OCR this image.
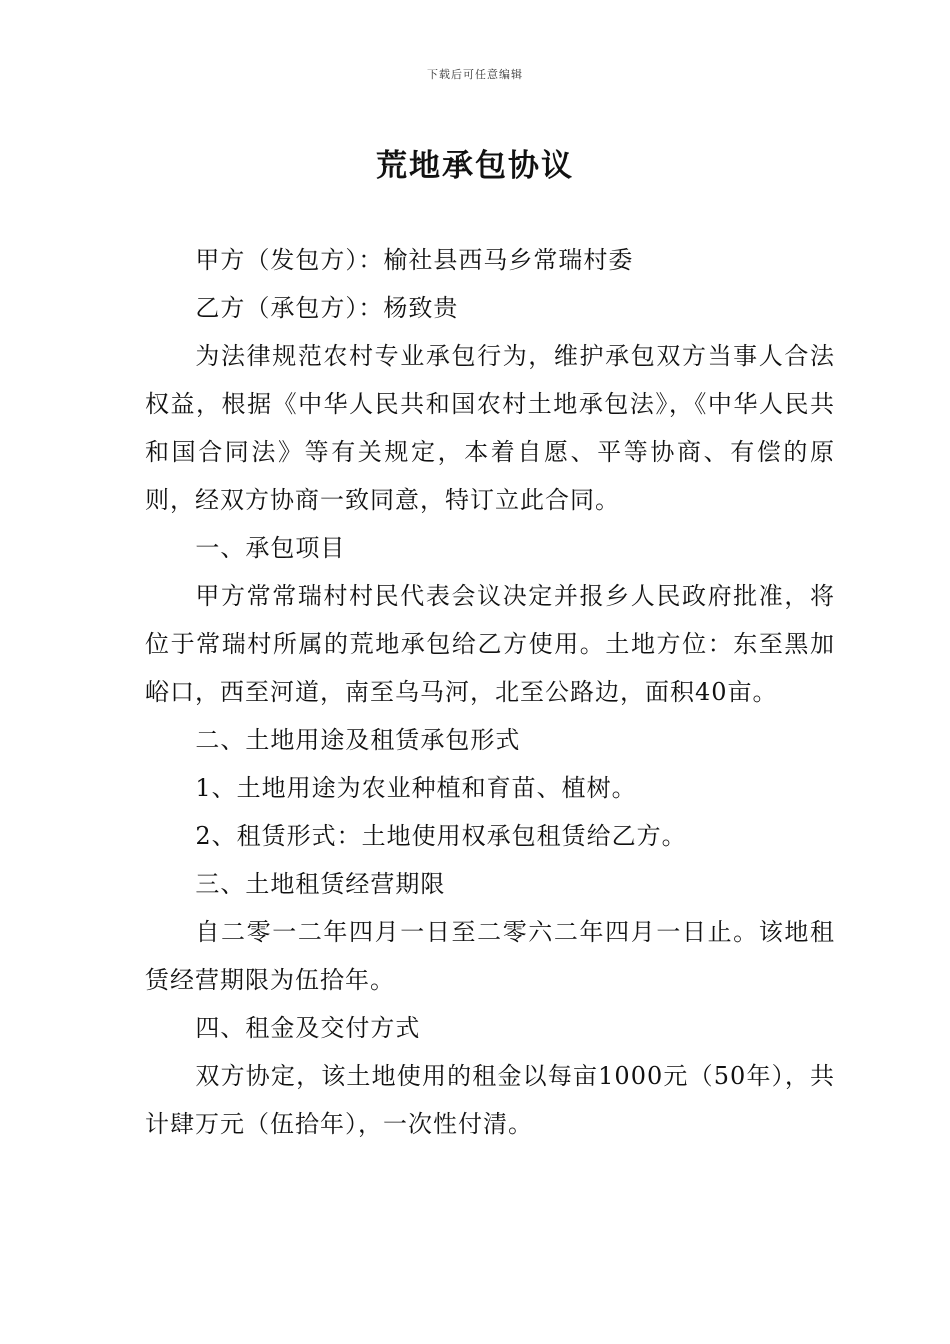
下载后可任意编辑
荒地承包协议

甲方（发包方）：榆社县西马乡常瑞村委

乙方（承包方）：杨致贵

为法律规范农村专业承包行为，维护承包双方当事人合法权益，根据《中华人民共和国农村土地承包法》，《中华人民共和国合同法》等有关规定，本着自愿、平等协商、有偿的原则，经双方协商一致同意，特订立此合同。

一、承包项目

甲方常常瑞村村民代表会议决定并报乡人民政府批准，将位于常瑞村所属的荒地承包给乙方使用。土地方位：东至黑加峪口，西至河道，南至乌马河，北至公路边，面积40亩。

二、土地用途及租赁承包形式

1、土地用途为农业种植和育苗、植树。

2、租赁形式：土地使用权承包租赁给乙方。

三、土地租赁经营期限

自二零一二年四月一日至二零六二年四月一日止。该地租赁经营期限为伍拾年。

四、租金及交付方式

双方协定，该土地使用的租金以每亩1000元（50年），共计肆万元（伍拾年），一次性付清。
